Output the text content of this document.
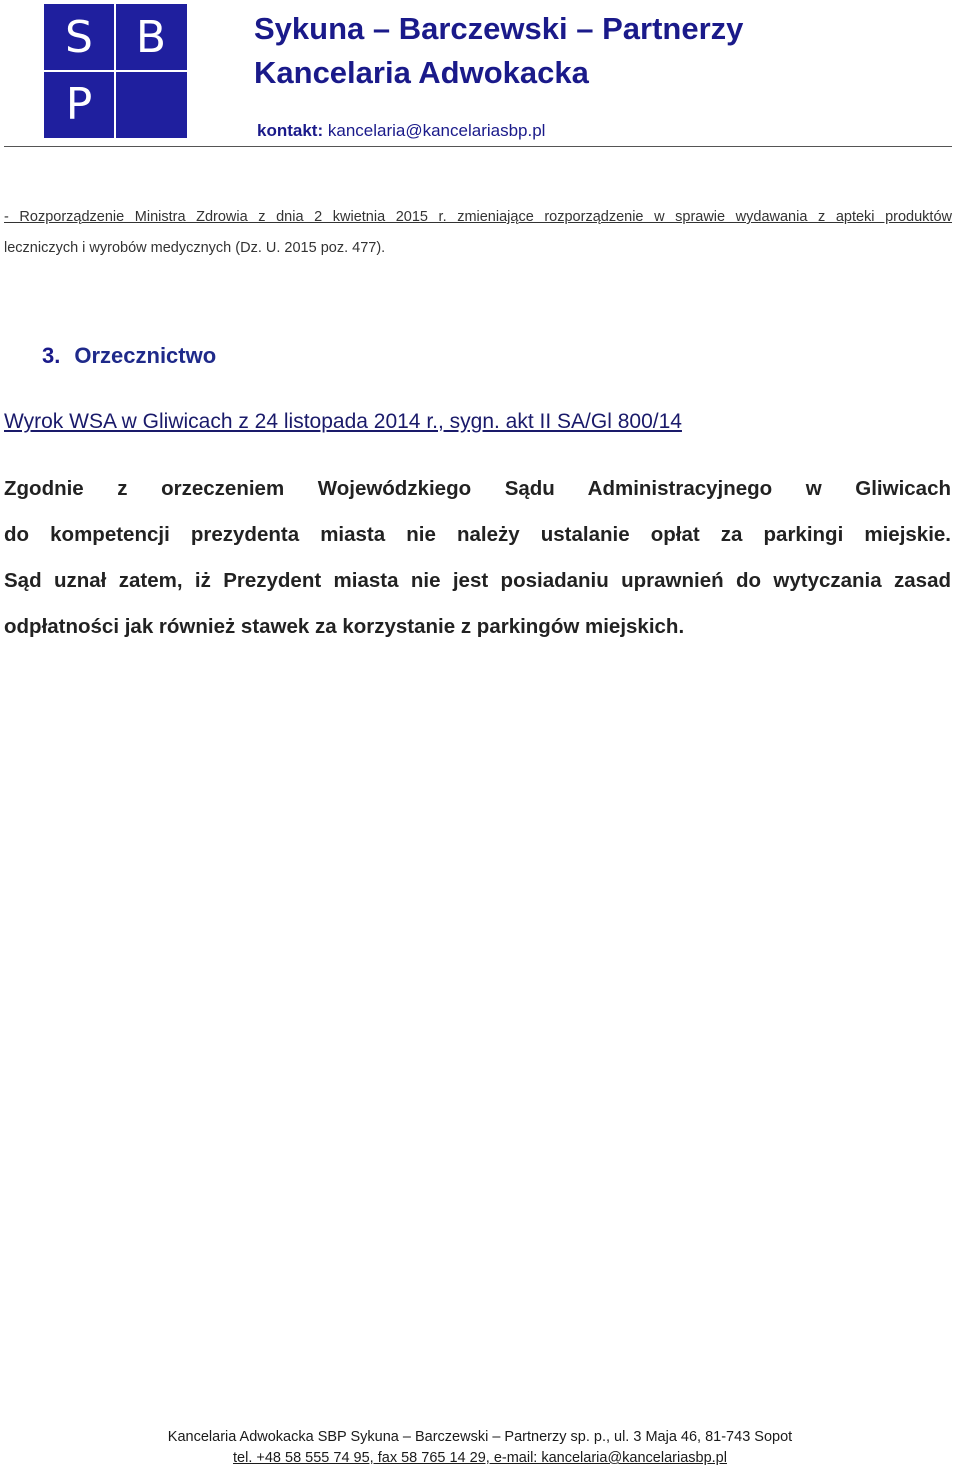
S B
P
Sykuna – Barczewski – Partnerzy
Kancelaria Adwokacka
kontakt: kancelaria@kancelariasbp.pl
- Rozporządzenie Ministra Zdrowia z dnia 2 kwietnia 2015 r. zmieniające rozporządzenie w sprawie wydawania z apteki produktów
leczniczych i wyrobów medycznych (Dz. U. 2015 poz. 477).
3. Orzecznictwo
Wyrok WSA w Gliwicach z 24 listopada 2014 r., sygn. akt II SA/Gl 800/14
Zgodnie z orzeczeniem Wojewódzkiego Sądu Administracyjnego w Gliwicach
do kompetencji prezydenta miasta nie należy ustalanie opłat za parkingi miejskie.
Sąd uznał zatem, iż Prezydent miasta nie jest posiadaniu uprawnień do wytyczania zasad
odpłatności jak również stawek za korzystanie z parkingów miejskich.
Kancelaria Adwokacka SBP Sykuna – Barczewski – Partnerzy sp. p., ul. 3 Maja 46, 81-743 Sopot
tel. +48 58 555 74 95, fax 58 765 14 29, e-mail: kancelaria@kancelariasbp.pl
